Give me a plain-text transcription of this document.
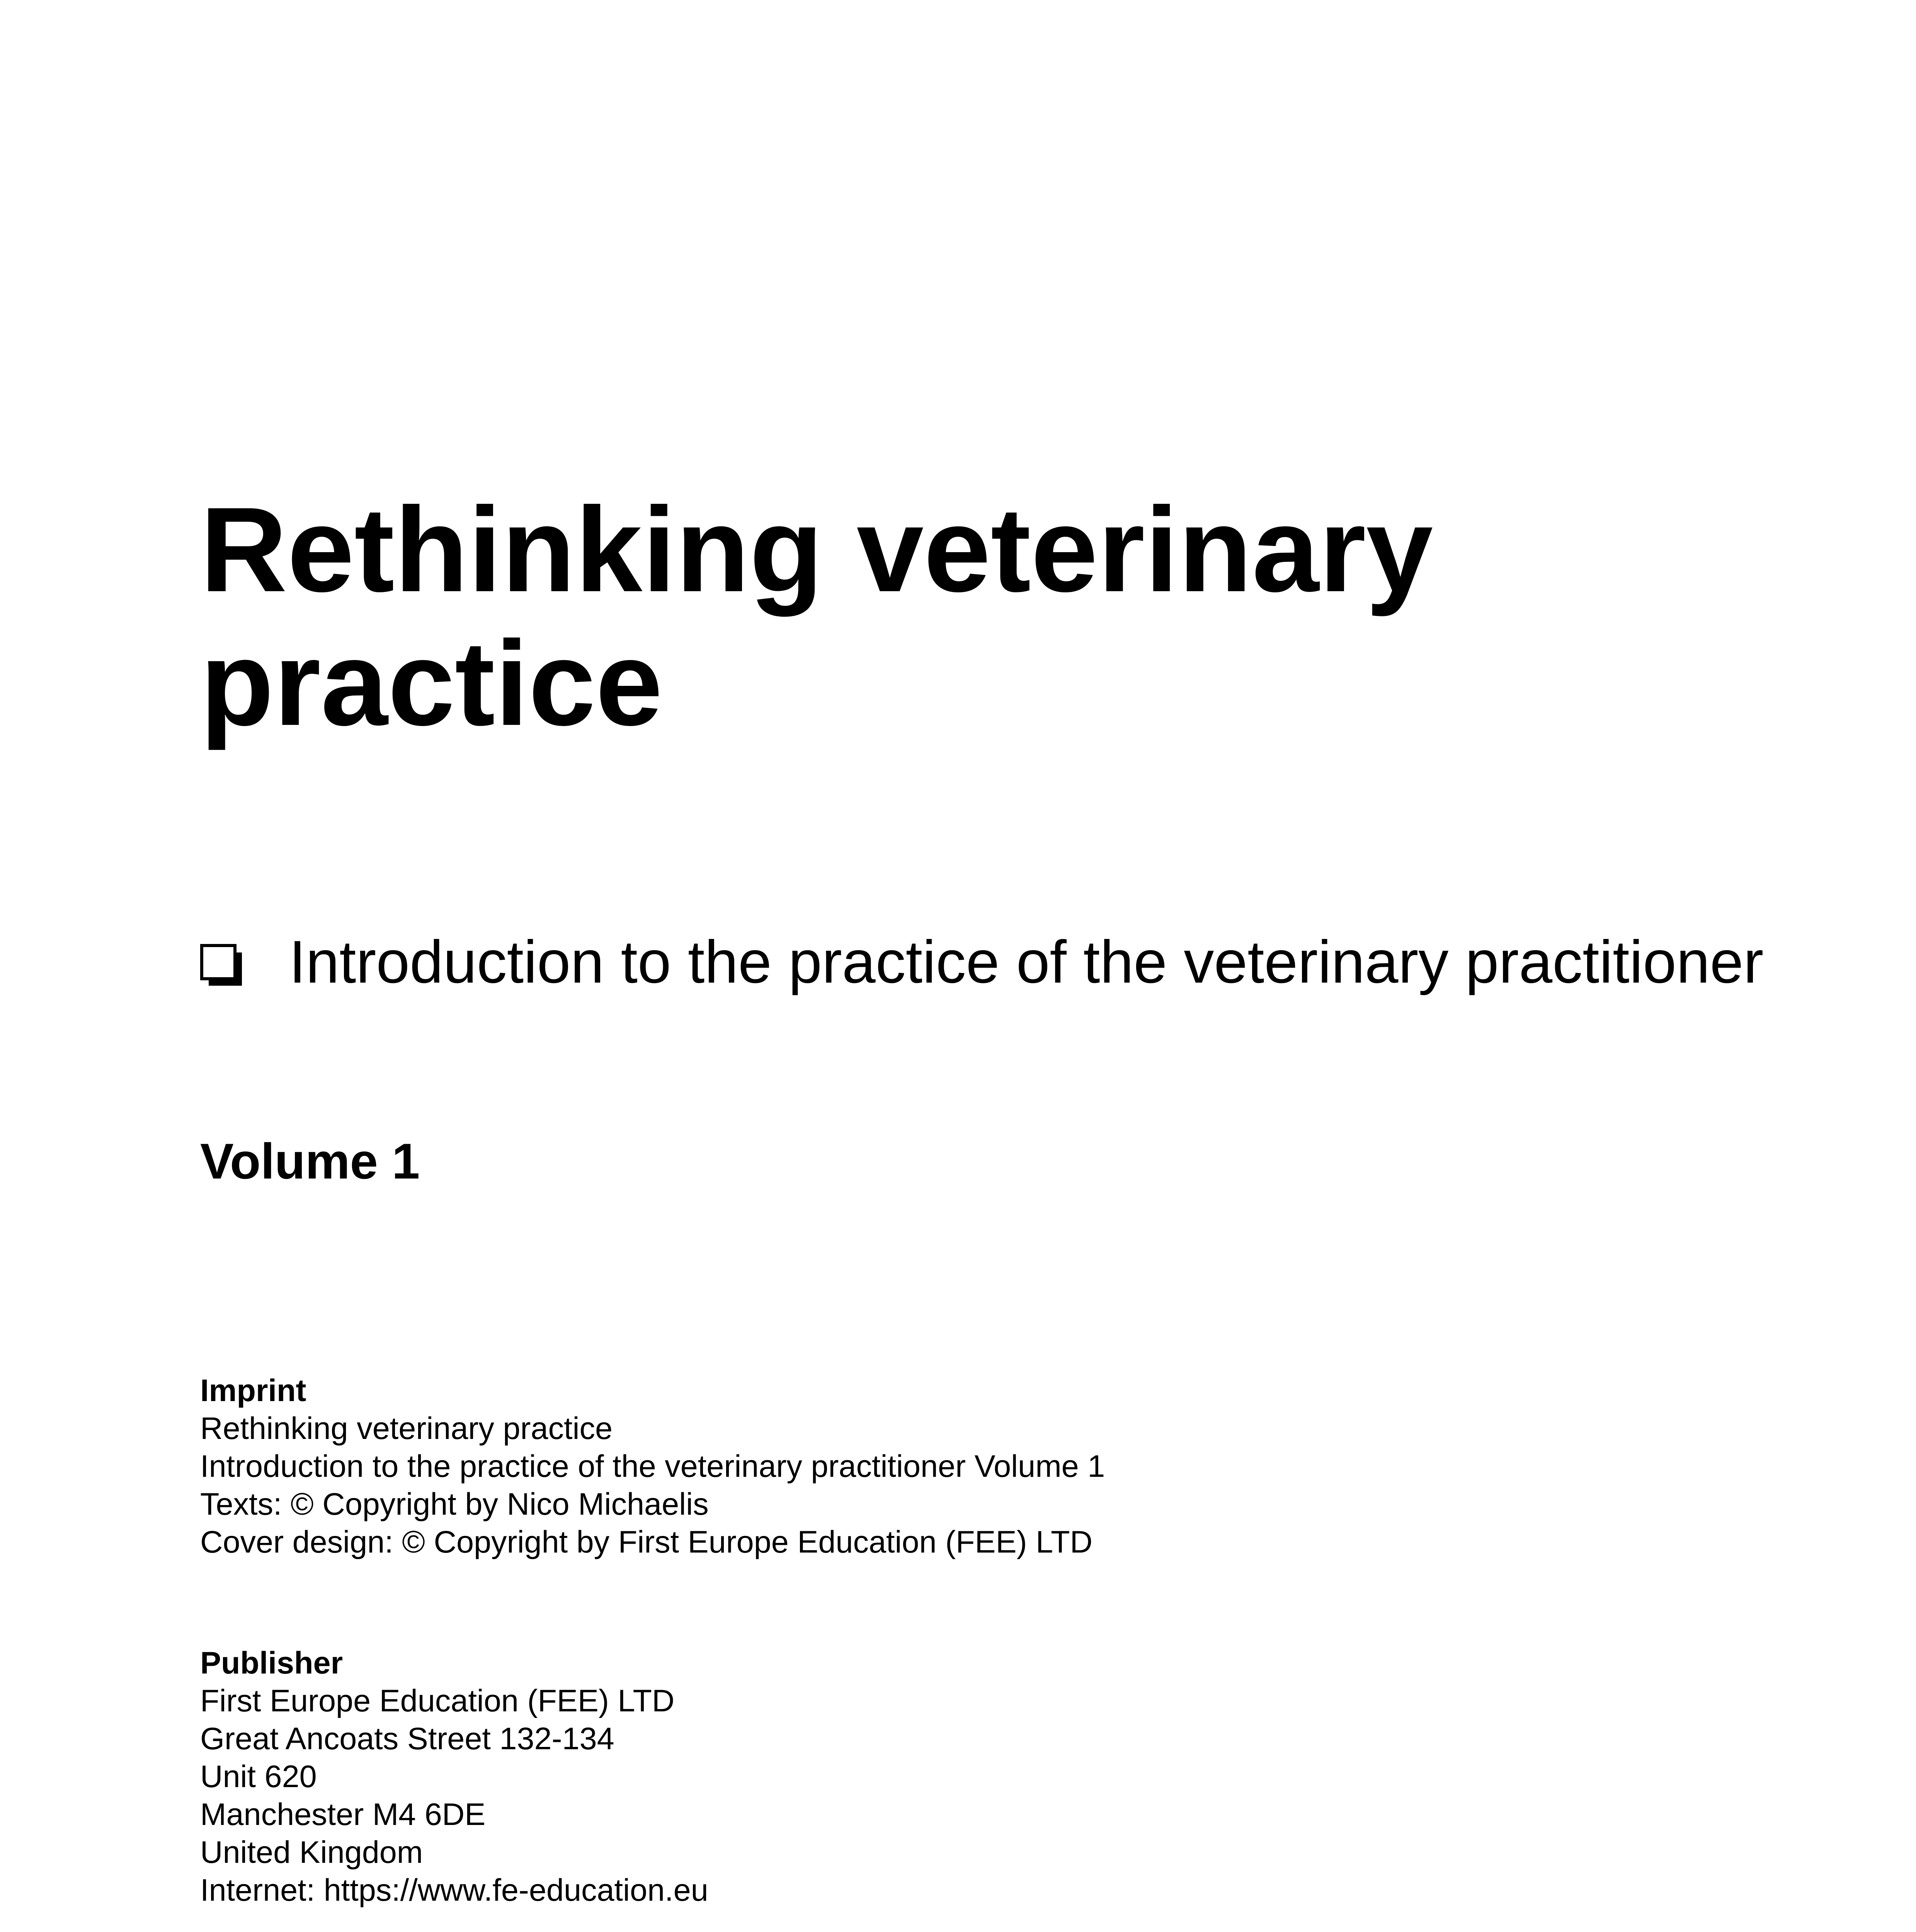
Rethinking veterinary practice
Introduction to the practice of the veterinary practitioner
Volume 1
Imprint
Rethinking veterinary practice
Introduction to the practice of the veterinary practitioner Volume 1
Texts: © Copyright by Nico Michaelis
Cover design: © Copyright by First Europe Education (FEE) LTD
Publisher
First Europe Education (FEE) LTD
Great Ancoats Street 132-134
Unit 620
Manchester M4 6DE
United Kingdom
Internet: https://www.fe-education.eu
